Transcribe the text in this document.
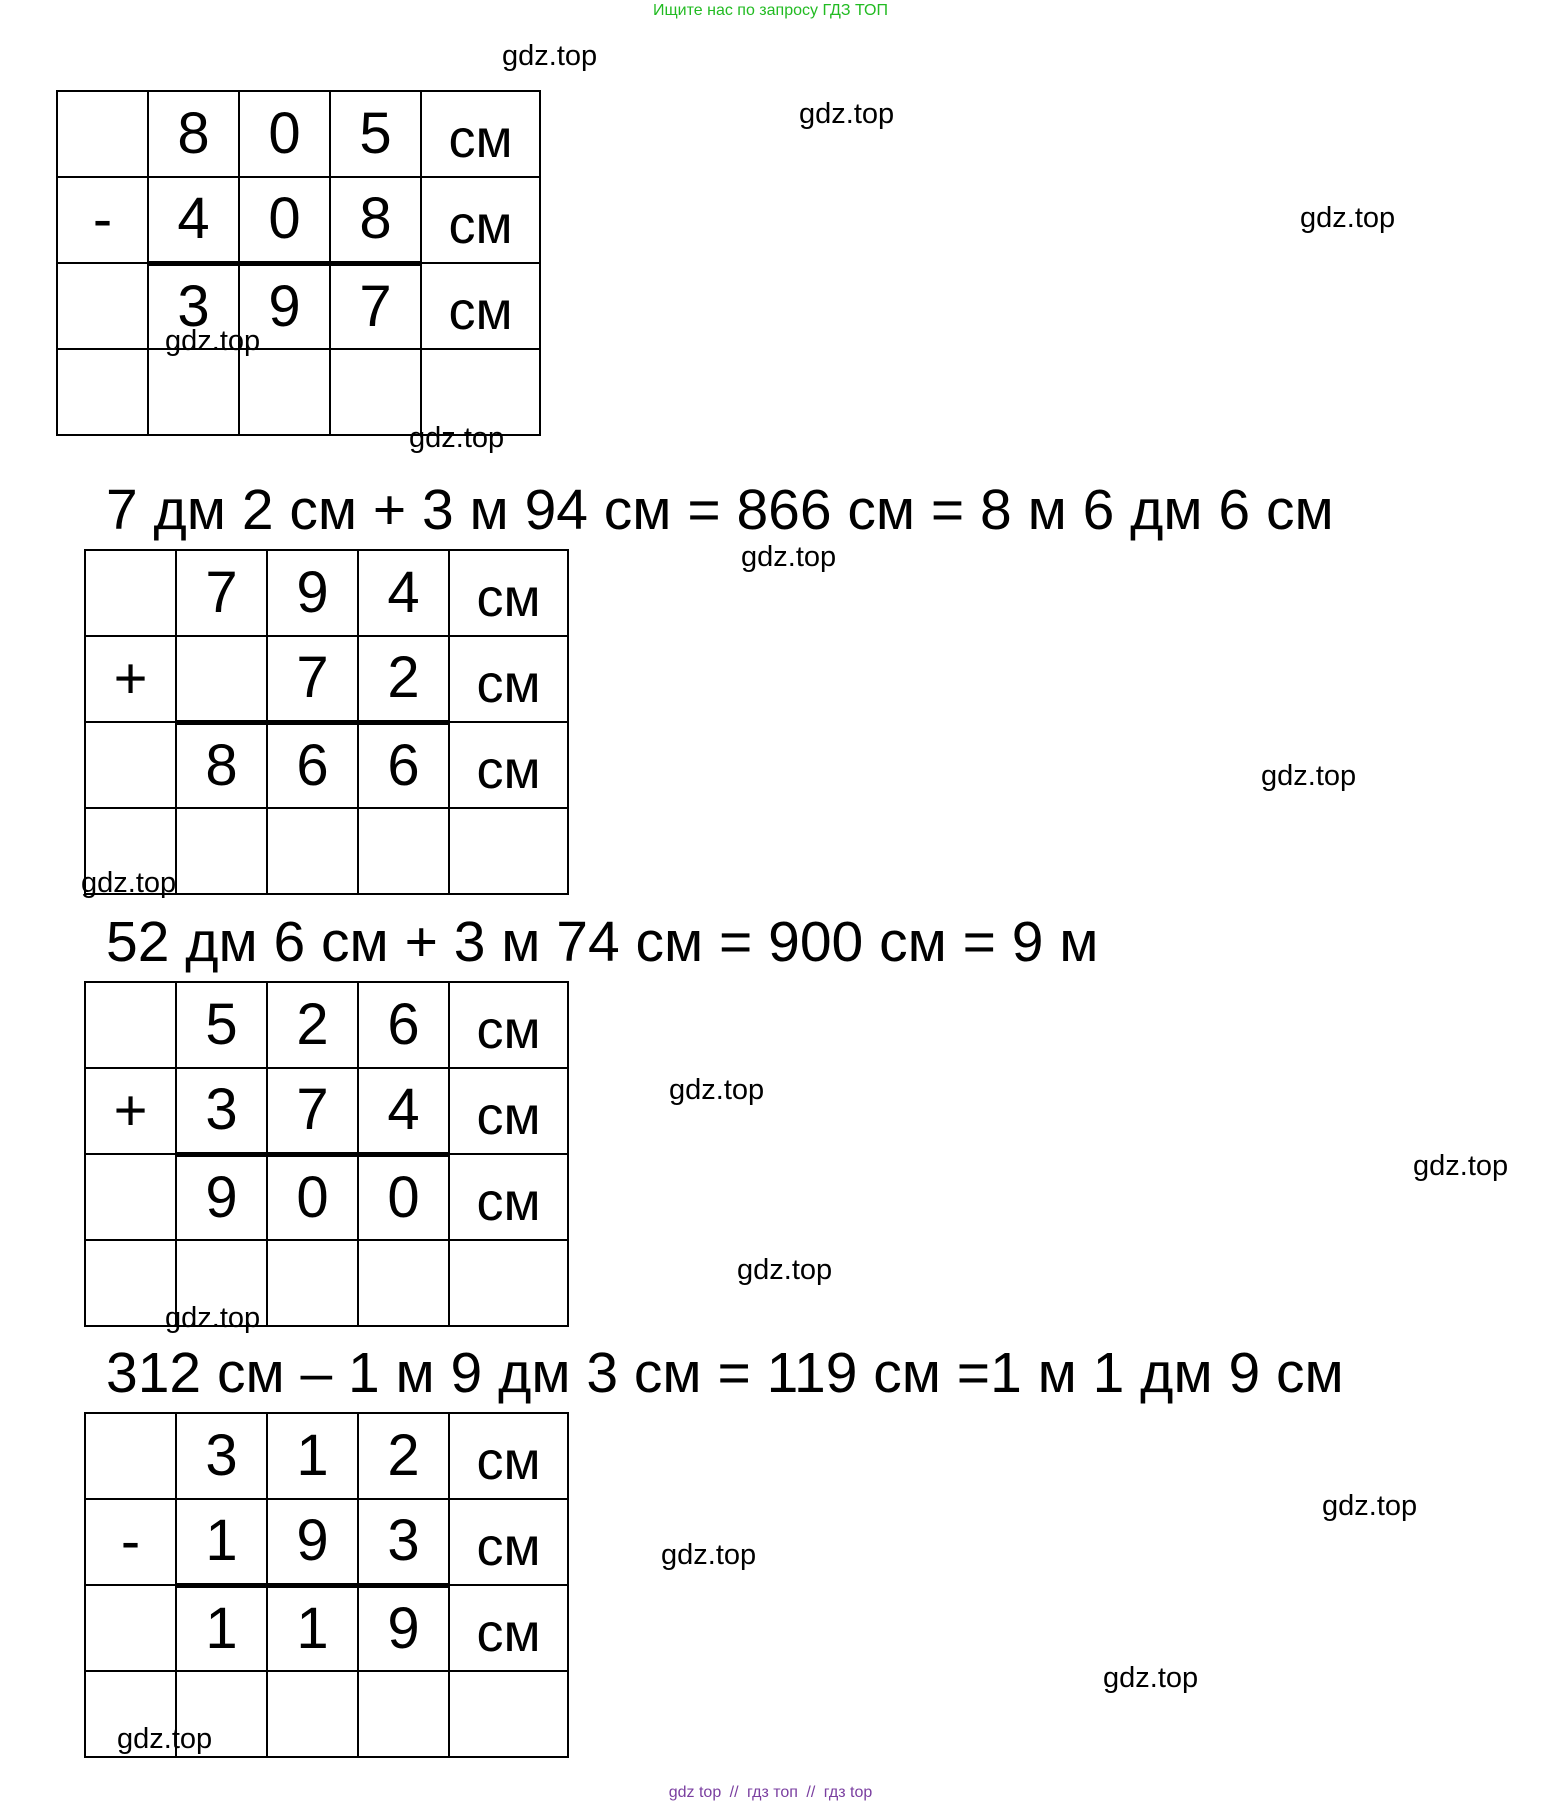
Ищите нас по запросу ГДЗ ТОП
	8	0	5	см
-	4	0	8	см
	3	9	7	см

7 дм 2 см + 3 м 94 см = 866 см = 8 м 6 дм 6 см
	7	9	4	см
+		7	2	см
	8	6	6	см

52 дм 6 см + 3 м 74 см = 900 см = 9 м
	5	2	6	см
+	3	7	4	см
	9	0	0	см

312 см – 1 м 9 дм 3 см = 119 см =1 м 1 дм 9 см
	3	1	2	см
-	1	9	3	см
	1	1	9	см

gdz.top
gdz.top
gdz.top
gdz.top
gdz.top
gdz.top
gdz.top
gdz.top
gdz.top
gdz.top
gdz.top
gdz.top
gdz.top
gdz.top
gdz.top
gdz.top
gdz top // гдз топ // гдз top
